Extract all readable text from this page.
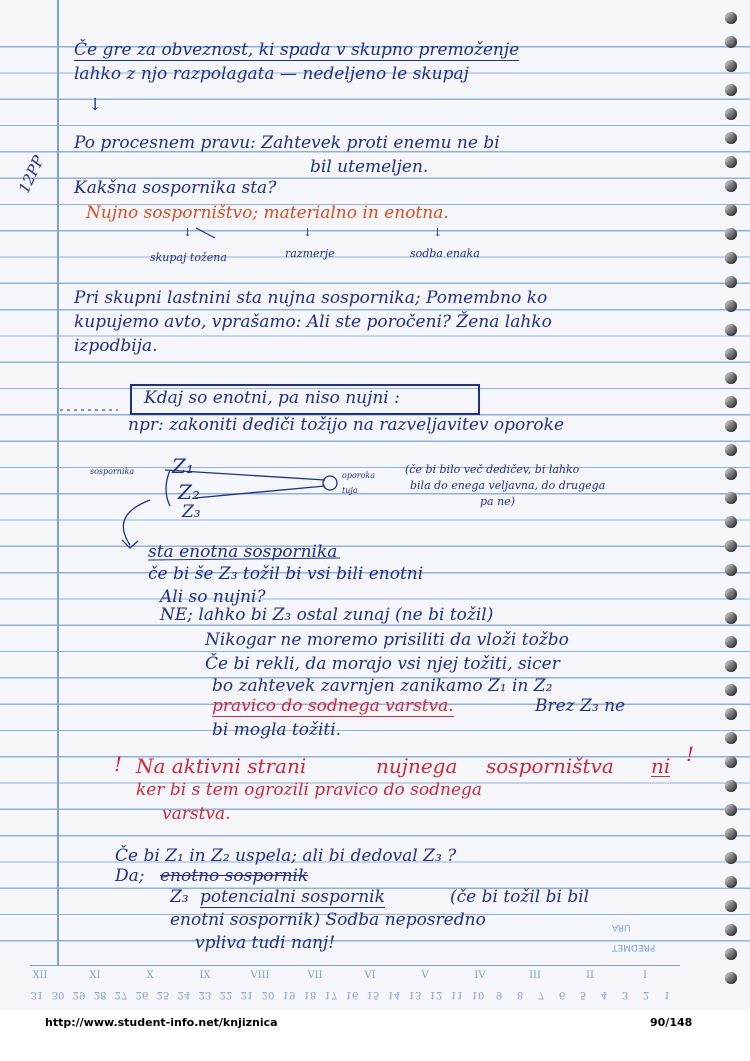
Če gre za obveznost, ki spada v skupno premoženje
lahko z njo razpolagata — nedeljeno le skupaj
↓
Po procesnem pravu: Zahtevek proti enemu ne bi
bil utemeljen.
12PP Kakšna sospornika sta?
Nujno sosporništvo; materialno in enotna.
↓	↓	↓
skupaj tožena	razmerje	sodba enaka
Pri skupni lastnini sta nujna sospornika; Pomembno ko
kupujemo avto, vprašamo: Ali ste poročeni? Žena lahko
izpodbija.
Kdaj so enotni, pa niso nujni :
npr: zakoniti dediči tožijo na razveljavitev oporoke
sospornika Z₁
Z₂
Z₃
oporoka
tuja
(če bi bilo več dedičev, bi lahko
bila do enega veljavna, do drugega
pa ne)
sta enotna sospornika
če bi še Z₃ tožil bi vsi bili enotni
Ali so nujni?
NE; lahko bi Z₃ ostal zunaj (ne bi tožil)
Nikogar ne moremo prisiliti da vloži tožbo
Če bi rekli, da morajo vsi njej tožiti, sicer
bo zahtevek zavrnjen zanikamo Z₁ in Z₂
pravico do sodnega varstva.	Brez Z₃ ne
bi mogla tožiti.
! Na aktivni strani	nujnega sosporništva ni !
ker bi s tem ogrozili pravico do sodnega
varstva.
Če bi Z₁ in Z₂ uspela; ali bi dedoval Z₃ ?
Da; enotno sospornik
Z₃ potencialni sospornik	(če bi tožil bi bil
enotni sospornik) Sodba neposredno
vpliva tudi nanj!
XII	XI	X	IX	VIII	VII	VI	V	IV	III	II	I
31 30 29 28 27 26 25 24 23 22 21 20 19 18 17 16 15 14 13 12 11 10	9	8	7	6	5	4	3	2	1
PREDMET
URA
http://www.student-info.net/knjiznica	90/148
